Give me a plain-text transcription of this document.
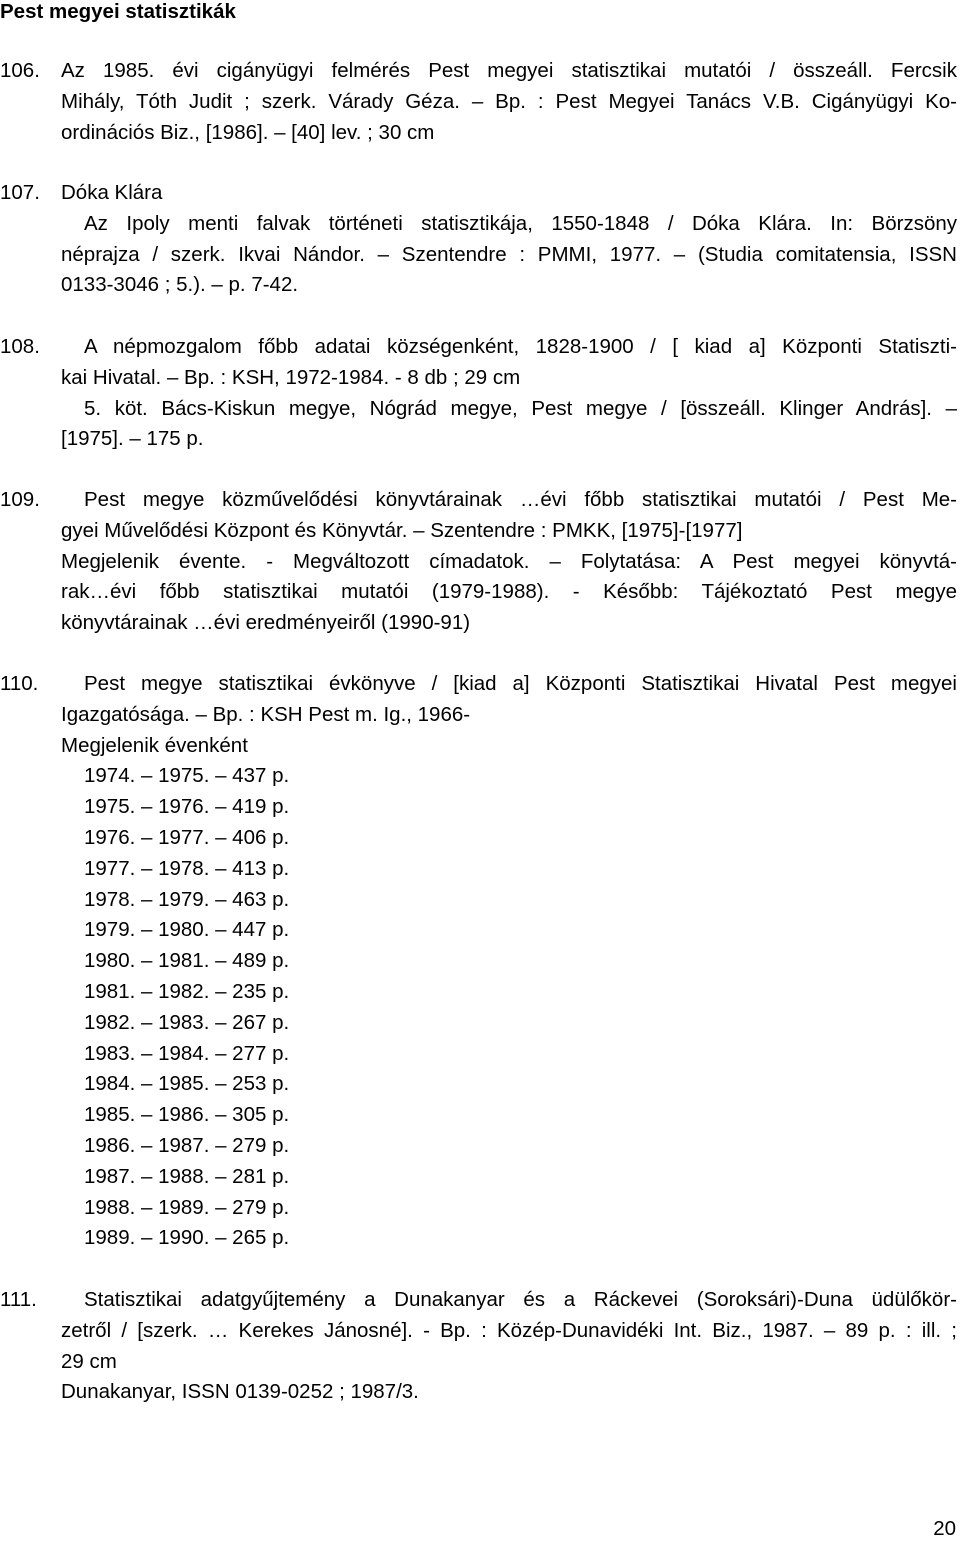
Pest megyei statisztikák
106. Az 1985. évi cigányügyi felmérés Pest megyei statisztikai mutatói / összeáll. Fercsik
Mihály, Tóth Judit ; szerk. Várady Géza. – Bp. : Pest Megyei Tanács V.B. Cigányügyi Ko-
ordinációs Biz., [1986]. – [40] lev. ; 30 cm
107. Dóka Klára
Az Ipoly menti falvak történeti statisztikája, 1550-1848 / Dóka Klára. In: Börzsöny
néprajza / szerk. Ikvai Nándor. – Szentendre : PMMI, 1977. – (Studia comitatensia, ISSN
0133-3046 ; 5.). – p. 7-42.
108. A népmozgalom főbb adatai községenként, 1828-1900 / [ kiad a] Központi Statiszti-
kai Hivatal. – Bp. : KSH, 1972-1984. - 8 db ; 29 cm
5. köt. Bács-Kiskun megye, Nógrád megye, Pest megye / [összeáll. Klinger András]. –
[1975]. – 175 p.
109.	Pest megye közművelődési könyvtárainak …évi főbb statisztikai mutatói / Pest Me-
gyei Művelődési Központ és Könyvtár. – Szentendre : PMKK, [1975]-[1977]
Megjelenik évente. - Megváltozott címadatok. – Folytatása: A Pest megyei könyvtá-
rak…évi főbb statisztikai mutatói (1979-1988). - Később: Tájékoztató Pest megye
könyvtárainak …évi eredményeiről (1990-91)
110.	Pest megye statisztikai évkönyve / [kiad a] Központi Statisztikai Hivatal Pest megyei
Igazgatósága. – Bp. : KSH Pest m. Ig., 1966-
Megjelenik évenként
1974. – 1975. – 437 p.
1975. – 1976. – 419 p.
1976. – 1977. – 406 p.
1977. – 1978. – 413 p.
1978. – 1979. – 463 p.
1979. – 1980. – 447 p.
1980. – 1981. – 489 p.
1981. – 1982. – 235 p.
1982. – 1983. – 267 p.
1983. – 1984. – 277 p.
1984. – 1985. – 253 p.
1985. – 1986. – 305 p.
1986. – 1987. – 279 p.
1987. – 1988. – 281 p.
1988. – 1989. – 279 p.
1989. – 1990. – 265 p.
111.	Statisztikai adatgyűjtemény a Dunakanyar és a Ráckevei (Soroksári)-Duna üdülőkör-
zetről / [szerk. … Kerekes Jánosné]. - Bp. : Közép-Dunavidéki Int. Biz., 1987. – 89 p. : ill. ;
29 cm
Dunakanyar, ISSN 0139-0252 ; 1987/3.
20
